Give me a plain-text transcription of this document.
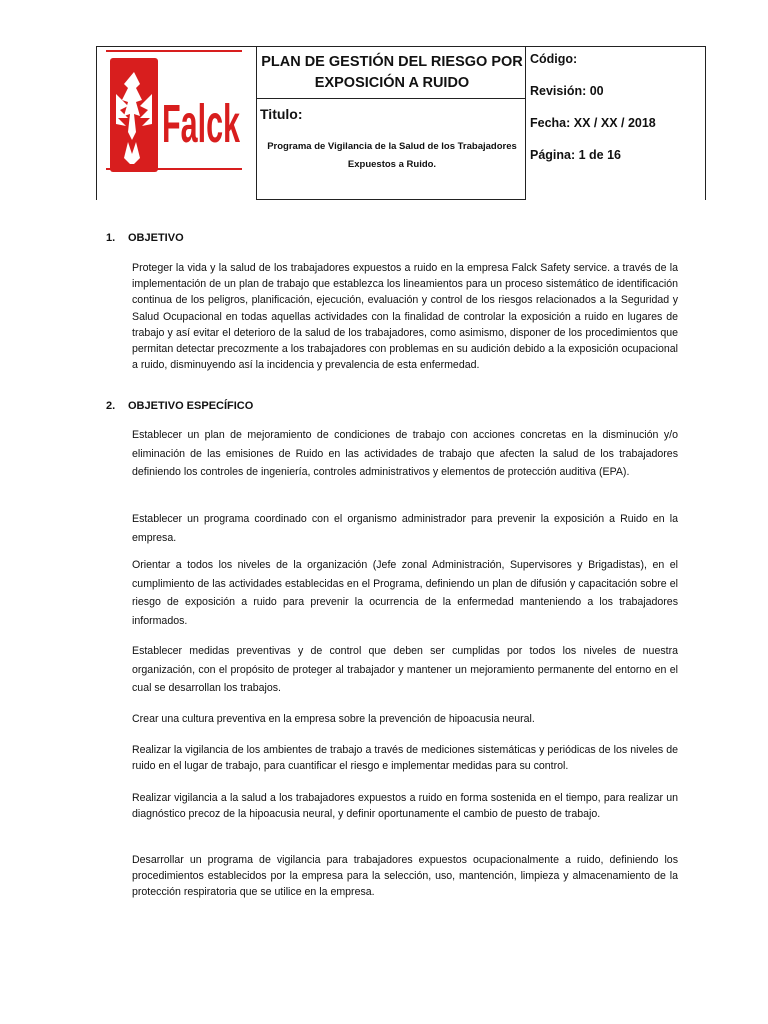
Falck
PLAN DE GESTIÓN DEL RIESGO POR EXPOSICIÓN A RUIDO
Titulo:
Programa de Vigilancia de la Salud de los Trabajadores Expuestos a Ruido.
Código:
Revisión: 00
Fecha: XX / XX / 2018
Página: 1 de 16
1. OBJETIVO

Proteger la vida y la salud de los trabajadores expuestos a ruido en la empresa Falck Safety service. a través de la implementación de un plan de trabajo que establezca los lineamientos para un proceso sistemático de identificación continua de los peligros, planificación, ejecución, evaluación y control de los riesgos relacionados a la Seguridad y Salud Ocupacional en todas aquellas actividades con la finalidad de controlar la exposición a ruido en lugares de trabajo y así evitar el deterioro de la salud de los trabajadores, como asimismo, disponer de los procedimientos que permitan detectar precozmente a los trabajadores con problemas en su audición debido a la exposición ocupacional a ruido, disminuyendo así la incidencia y prevalencia de esta enfermedad.

2. OBJETIVO ESPECÍFICO

Establecer un plan de mejoramiento de condiciones de trabajo con acciones concretas en la disminución y/o eliminación de las emisiones de Ruido en las actividades de trabajo que afecten la salud de los trabajadores definiendo los controles de ingeniería, controles administrativos y elementos de protección auditiva (EPA).

Establecer un programa coordinado con el organismo administrador para prevenir la exposición a Ruido en la empresa.

Orientar a todos los niveles de la organización (Jefe zonal Administración, Supervisores y Brigadistas), en el cumplimiento de las actividades establecidas en el Programa, definiendo un plan de difusión y capacitación sobre el riesgo de exposición a ruido para prevenir la ocurrencia de la enfermedad manteniendo a los trabajadores informados.

Establecer medidas preventivas y de control que deben ser cumplidas por todos los niveles de nuestra organización, con el propósito de proteger al trabajador y mantener un mejoramiento permanente del entorno en el cual se desarrollan los trabajos.

Crear una cultura preventiva en la empresa sobre la prevención de hipoacusia neural.

Realizar la vigilancia de los ambientes de trabajo a través de mediciones sistemáticas y periódicas de los niveles de ruido en el lugar de trabajo, para cuantificar el riesgo e implementar medidas para su control.

Realizar vigilancia a la salud a los trabajadores expuestos a ruido en forma sostenida en el tiempo, para realizar un diagnóstico precoz de la hipoacusia neural, y definir oportunamente el cambio de puesto de trabajo.

Desarrollar un programa de vigilancia para trabajadores expuestos ocupacionalmente a ruido, definiendo los procedimientos establecidos por la empresa para la selección, uso, mantención, limpieza y almacenamiento de la protección respiratoria que se utilice en la empresa.
